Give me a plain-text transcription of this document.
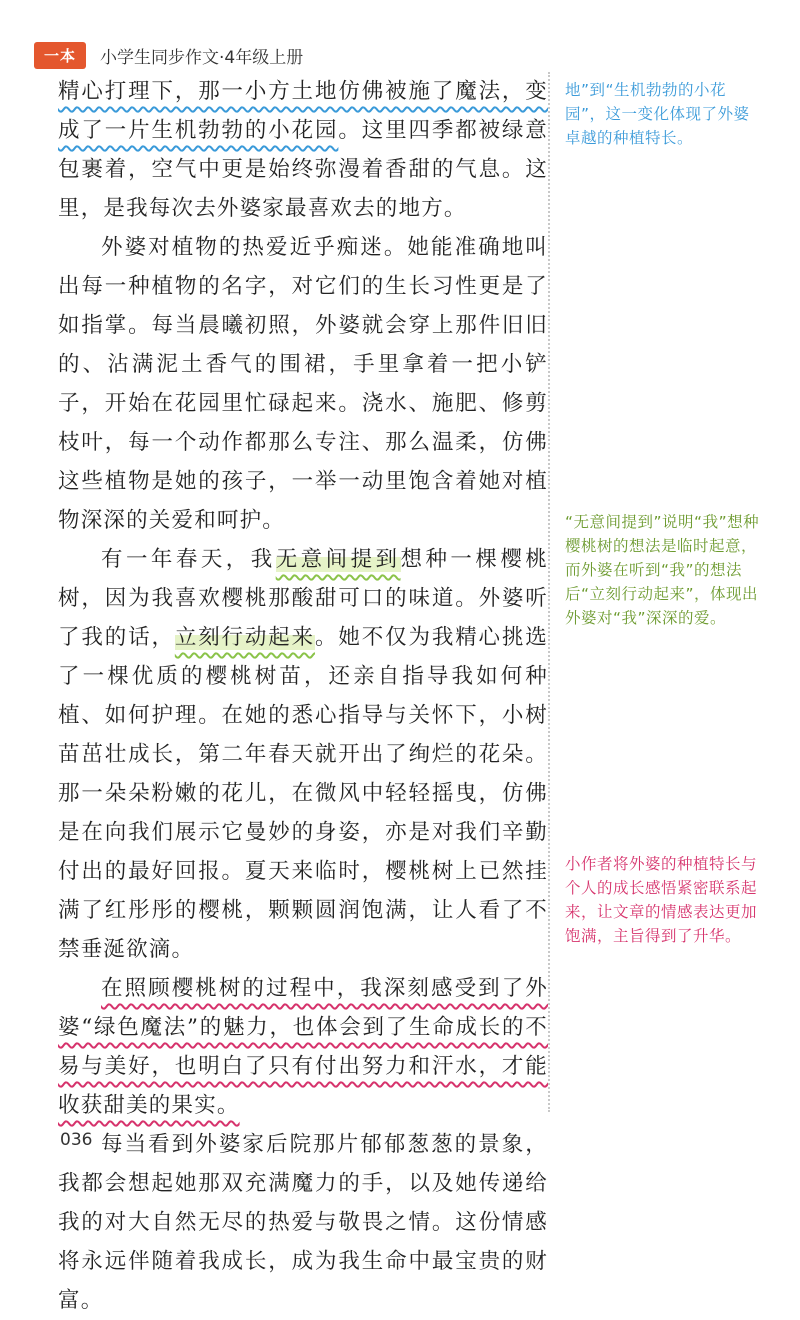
一本	小学生同步作文·4年级上册

精心打理下，那一小方土地仿佛被施了魔法，变成了一片生机勃勃的小花园。这里四季都被绿意包裹着，空气中更是始终弥漫着香甜的气息。这里，是我每次去外婆家最喜欢去的地方。

外婆对植物的热爱近乎痴迷。她能准确地叫出每一种植物的名字，对它们的生长习性更是了如指掌。每当晨曦初照，外婆就会穿上那件旧旧的、沾满泥土香气的围裙，手里拿着一把小铲子，开始在花园里忙碌起来。浇水、施肥、修剪枝叶，每一个动作都那么专注、那么温柔，仿佛这些植物是她的孩子，一举一动里饱含着她对植物深深的关爱和呵护。

有一年春天，我无意间提到想种一棵樱桃树，因为我喜欢樱桃那酸甜可口的味道。外婆听了我的话，立刻行动起来。她不仅为我精心挑选了一棵优质的樱桃树苗，还亲自指导我如何种植、如何护理。在她的悉心指导与关怀下，小树苗茁壮成长，第二年春天就开出了绚烂的花朵。那一朵朵粉嫩的花儿，在微风中轻轻摇曳，仿佛是在向我们展示它曼妙的身姿，亦是对我们辛勤付出的最好回报。夏天来临时，樱桃树上已然挂满了红彤彤的樱桃，颗颗圆润饱满，让人看了不禁垂涎欲滴。

在照顾樱桃树的过程中，我深刻感受到了外婆“绿色魔法”的魅力，也体会到了生命成长的不易与美好，也明白了只有付出努力和汗水，才能收获甜美的果实。

每当看到外婆家后院那片郁郁葱葱的景象，我都会想起她那双充满魔力的手，以及她传递给我的对大自然无尽的热爱与敬畏之情。这份情感将永远伴随着我成长，成为我生命中最宝贵的财富。

地”到“生机勃勃的小花园”，这一变化体现了外婆卓越的种植特长。
“无意间提到”说明“我”想种樱桃树的想法是临时起意，而外婆在听到“我”的想法后“立刻行动起来”，体现出外婆对“我”深深的爱。
小作者将外婆的种植特长与个人的成长感悟紧密联系起来，让文章的情感表达更加饱满，主旨得到了升华。
036
